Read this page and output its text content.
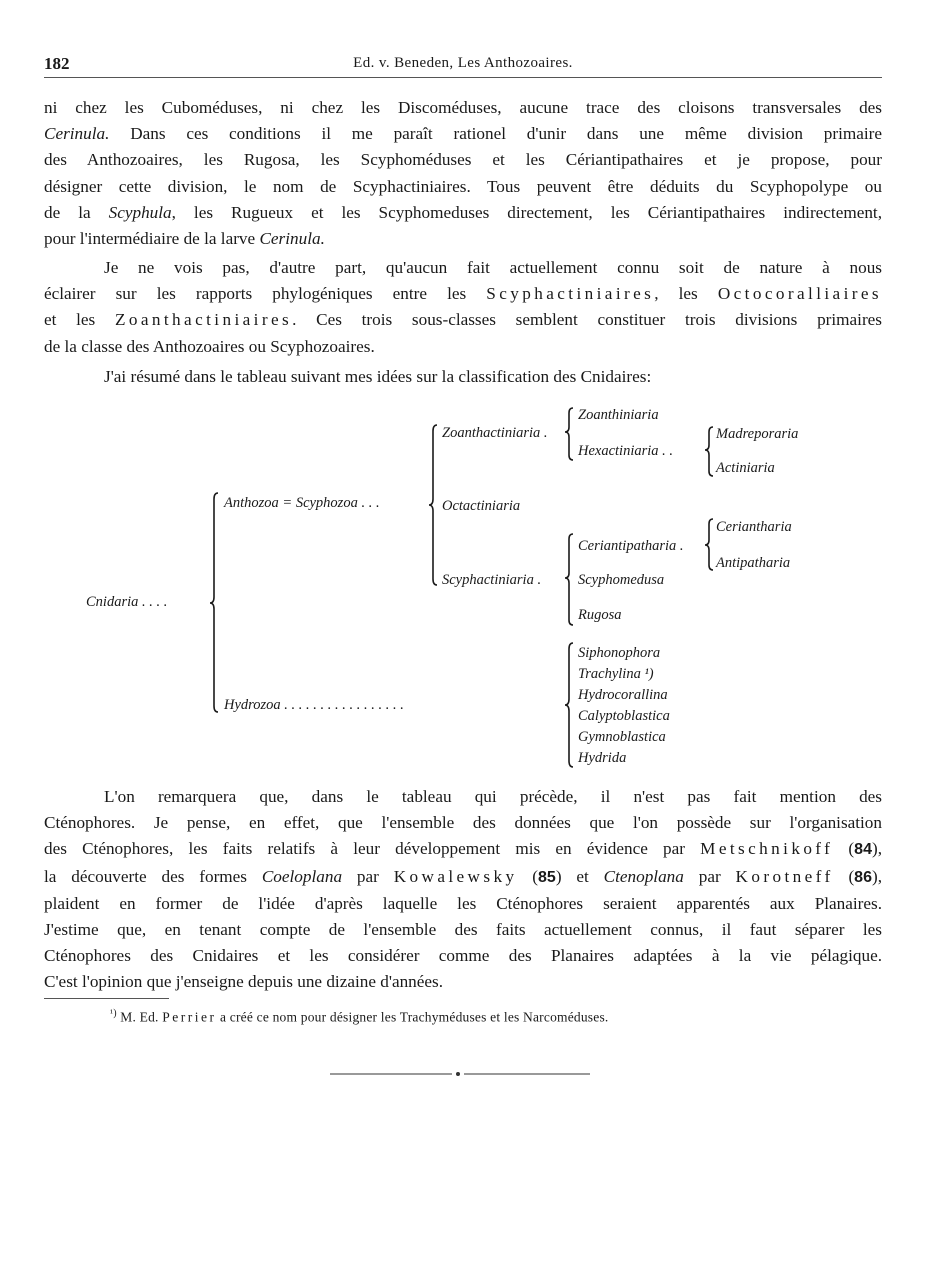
182	Ed. v. Beneden, Les Anthozoaires.

ni chez les Cuboméduses, ni chez les Discoméduses, aucune trace des cloisons transversales des

Cerinula. Dans ces conditions il me paraît rationel d'unir dans une même division primaire

des Anthozoaires, les Rugosa, les Scyphoméduses et les Cériantipathaires et je propose, pour

désigner cette division, le nom de Scyphactiniaires. Tous peuvent être déduits du Scyphopolype ou

de la Scyphula, les Rugueux et les Scyphomeduses directement, les Cériantipathaires indirectement,

pour l'intermédiaire de la larve Cerinula.

Je ne vois pas, d'autre part, qu'aucun fait actuellement connu soit de nature à nous

éclairer sur les rapports phylogéniques entre les Scyphactiniaires, les Octocoralliaires

et les Zoanthactiniaires. Ces trois sous-classes semblent constituer trois divisions primaires

de la classe des Anthozoaires ou Scyphozoaires.

J'ai résumé dans le tableau suivant mes idées sur la classification des Cnidaires:

L'on remarquera que, dans le tableau qui précède, il n'est pas fait mention des

Cténophores. Je pense, en effet, que l'ensemble des données que l'on possède sur l'organisation

des Cténophores, les faits relatifs à leur développement mis en évidence par Metschnikoff (84),

la découverte des formes Coeloplana par Kowalewsky (85) et Ctenoplana par Korotneff (86),

plaident en former de l'idée d'après laquelle les Cténophores seraient apparentés aux Planaires.

J'estime que, en tenant compte de l'ensemble des faits actuellement connus, il faut séparer les

Cténophores des Cnidaires et les considérer comme des Planaires adaptées à la vie pélagique.

C'est l'opinion que j'enseigne depuis une dizaine d'années.

Cnidaria . . . .
Anthozoa = Scyphozoa . . .
Zoanthactiniaria .
Zoanthiniaria
Hexactiniaria . .
Madreporaria
Actiniaria
Octactiniaria
Scyphactiniaria .
Ceriantipatharia .
Ceriantharia
Antipatharia
Scyphomedusa
Rugosa
Hydrozoa . . . . . . . . . . . . . . . . .
Siphonophora
Trachylina ¹)
Hydrocorallina
Calyptoblastica
Gymnoblastica
Hydrida
$^{^1)}$ M. Ed. Perrier a créé ce nom pour désigner les Trachyméduses et les Narcoméduses.
